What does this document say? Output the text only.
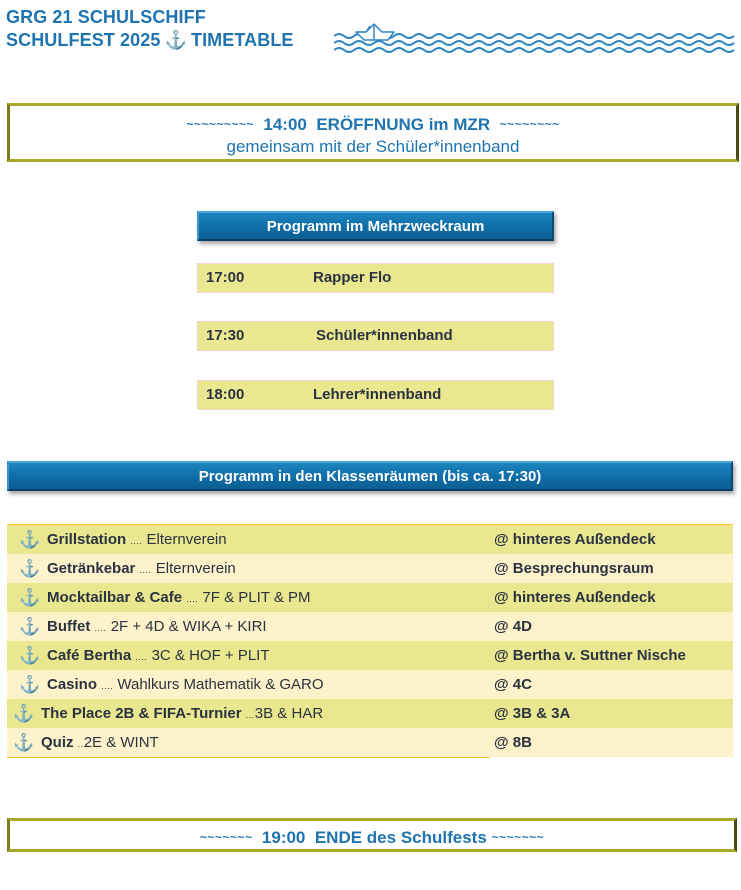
GRG 21 SCHULSCHIFF
SCHULFEST 2025 ⚓ TIMETABLE
~~~~~~~~~ 14:00 ERÖFFNUNG im MZR ~~~~~~~~
gemeinsam mit der Schüler*innenband
Programm im Mehrzweckraum
17:00	Rapper Flo
17:30	Schüler*innenband
18:00	Lehrer*innenband
Programm in den Klassenräumen (bis ca. 17:30)
⚓ Grillstation .... Elternverein	@ hinteres Außendeck
⚓ Getränkebar .... Elternverein	@ Besprechungsraum
⚓ Mocktailbar & Cafe .... 7F & PLIT & PM	@ hinteres Außendeck
⚓ Buffet .... 2F + 4D & WIKA + KIRI	@ 4D
⚓ Café Bertha .... 3C & HOF + PLIT	@ Bertha v. Suttner Nische
⚓ Casino .... Wahlkurs Mathematik & GARO	@ 4C
⚓ The Place 2B & FIFA-Turnier ...3B & HAR	@ 3B & 3A
⚓ Quiz ..2E & WINT	@ 8B
~~~~~~~ 19:00 ENDE des Schulfests ~~~~~~~
